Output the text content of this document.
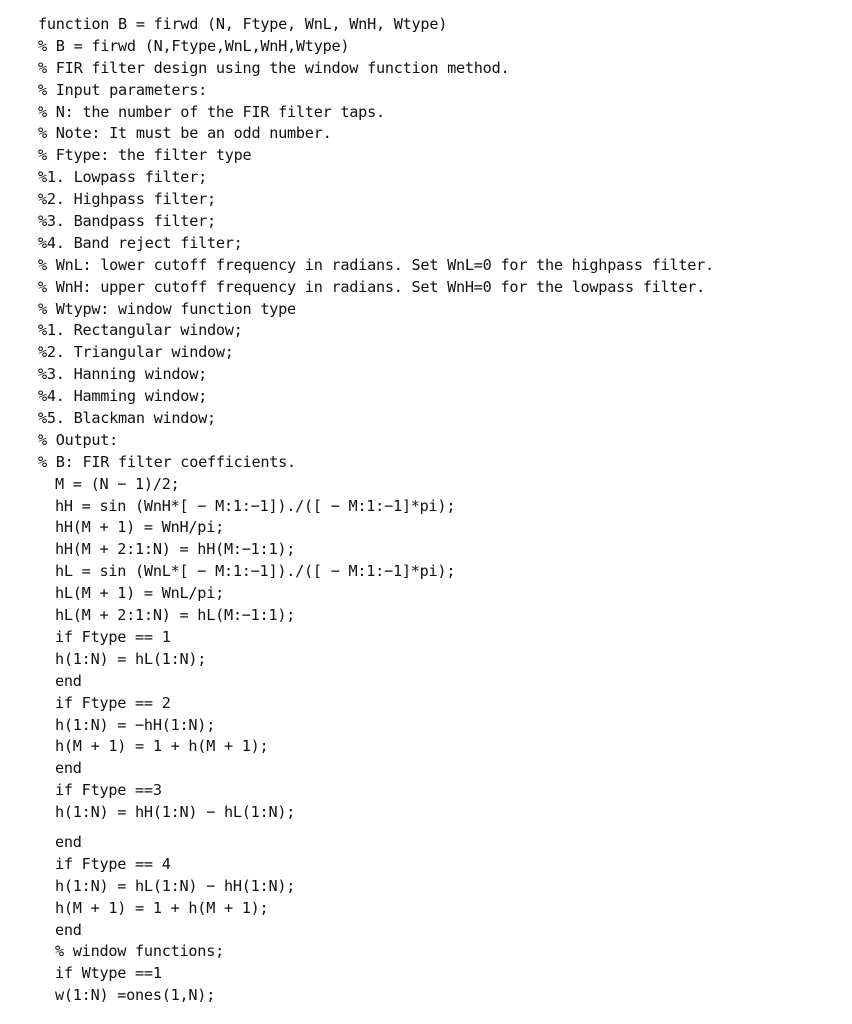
function B = firwd (N, Ftype, WnL, WnH, Wtype)
% B = firwd (N,Ftype,WnL,WnH,Wtype)
% FIR filter design using the window function method.
% Input parameters:
% N: the number of the FIR filter taps.
% Note: It must be an odd number.
% Ftype: the filter type
%1. Lowpass filter;
%2. Highpass filter;
%3. Bandpass filter;
%4. Band reject filter;
% WnL: lower cutoff frequency in radians. Set WnL=0 for the highpass filter.
% WnH: upper cutoff frequency in radians. Set WnH=0 for the lowpass filter.
% Wtypw: window function type
%1. Rectangular window;
%2. Triangular window;
%3. Hanning window;
%4. Hamming window;
%5. Blackman window;
% Output:
% B: FIR filter coefficients.
M = (N − 1)/2;
hH = sin (WnH*[ − M:1:−1])./([ − M:1:−1]*pi);
hH(M + 1) = WnH/pi;
hH(M + 2:1:N) = hH(M:−1:1);
hL = sin (WnL*[ − M:1:−1])./([ − M:1:−1]*pi);
hL(M + 1) = WnL/pi;
hL(M + 2:1:N) = hL(M:−1:1);
if Ftype == 1
h(1:N) = hL(1:N);
end
if Ftype == 2
h(1:N) = −hH(1:N);
h(M + 1) = 1 + h(M + 1);
end
if Ftype ==3
h(1:N) = hH(1:N) − hL(1:N);
end
if Ftype == 4
h(1:N) = hL(1:N) − hH(1:N);
h(M + 1) = 1 + h(M + 1);
end
% window functions;
if Wtype ==1
w(1:N) =ones(1,N);
